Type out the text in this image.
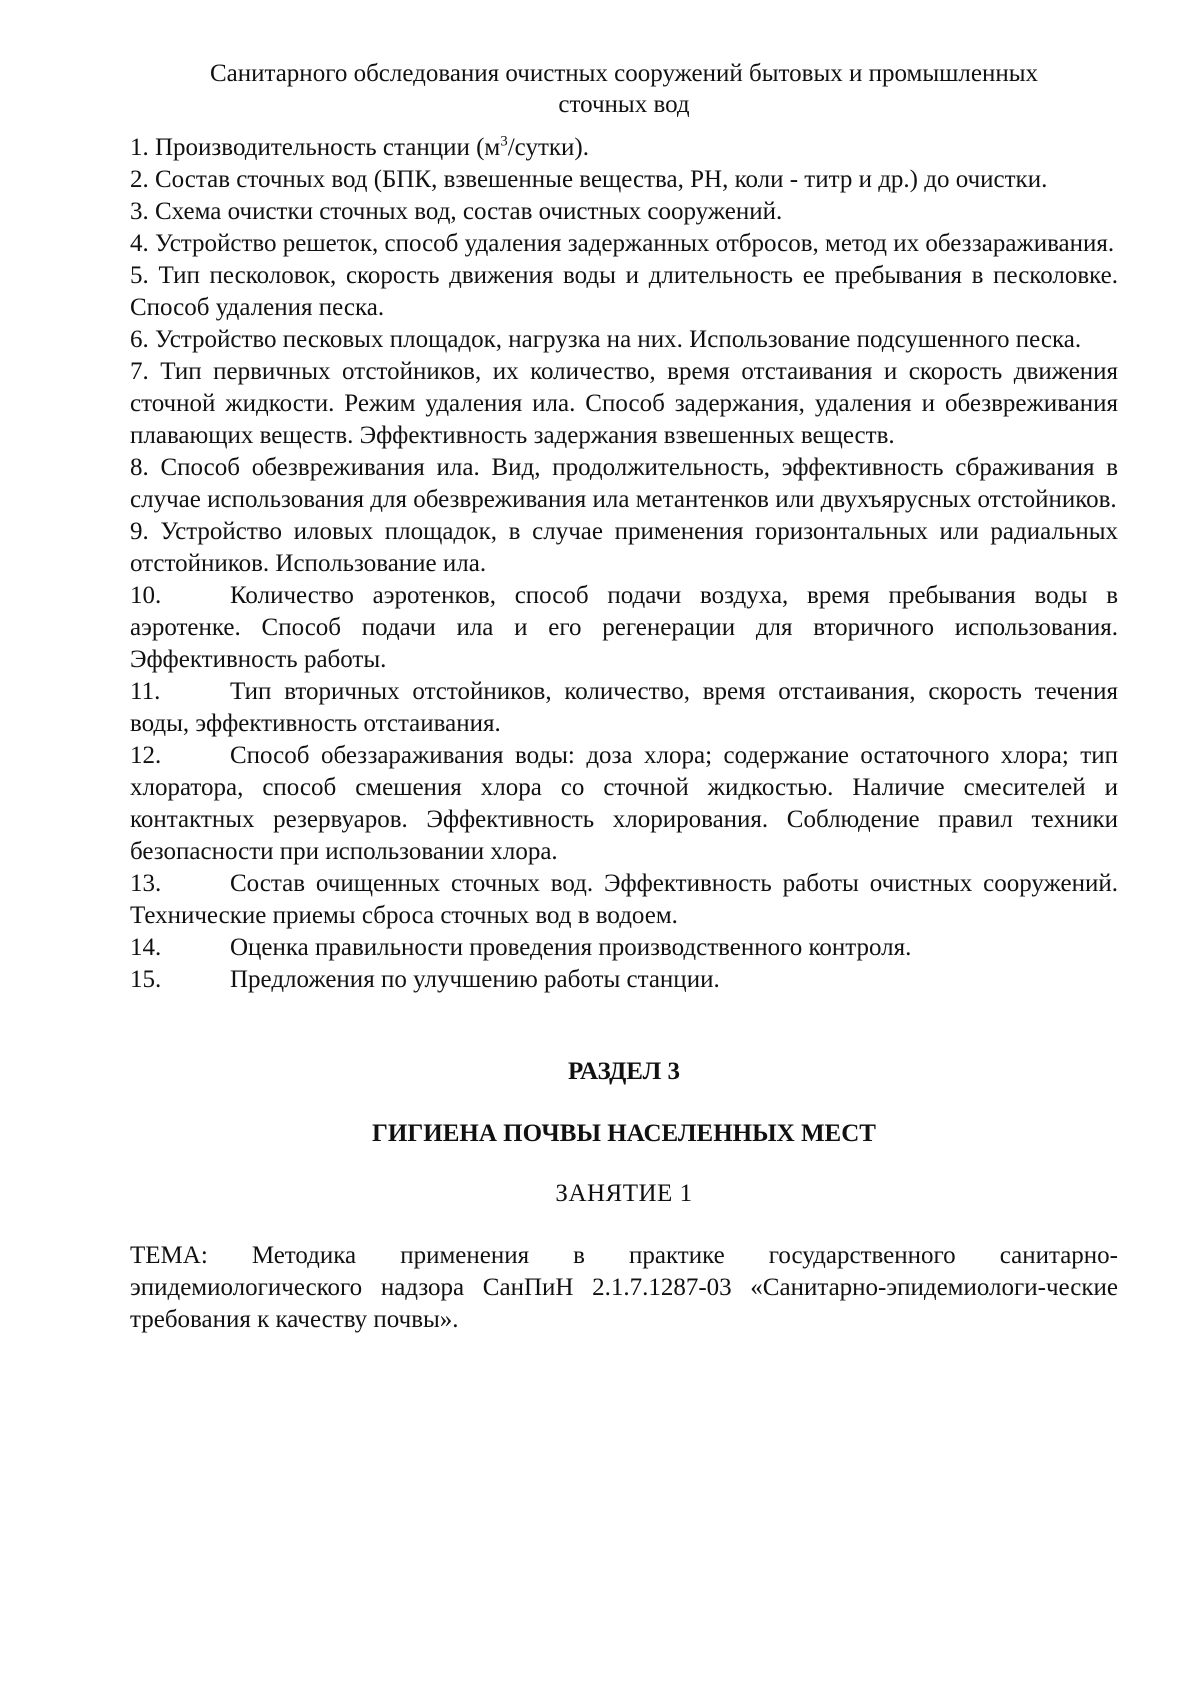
Санитарного обследования очистных сооружений бытовых и промышленных
сточных вод

1. Производительность станции $(м^3/сутки)$.

2. Состав сточных вод (БПК, взвешенные вещества, РН, коли - титр и др.) до очистки.

3. Схема очистки сточных вод, состав очистных сооружений.

4. Устройство решеток, способ удаления задержанных отбросов, метод их обеззараживания.

5. Тип песколовок, скорость движения воды и длительность ее пребывания в песколовке. Способ удаления песка.

6. Устройство песковых площадок, нагрузка на них. Использование подсушенного песка.

7. Тип первичных отстойников, их количество, время отстаивания и скорость движения сточной жидкости. Режим удаления ила. Способ задержания, удаления и обезвреживания плавающих веществ. Эффективность задержания взвешенных веществ.

8. Способ обезвреживания ила. Вид, продолжительность, эффективность сбраживания в случае использования для обезвреживания ила метантенков или двухъярусных отстойников.

9. Устройство иловых площадок, в случае применения горизонтальных или радиальных отстойников. Использование ила.

10.	Количество аэротенков, способ подачи воздуха, время пребывания воды в аэротенке. Способ подачи ила и его регенерации для вторичного использования. Эффективность работы.

11.	Тип вторичных отстойников, количество, время отстаивания, скорость течения воды, эффективность отстаивания.

12.	Способ обеззараживания воды: доза хлора; содержание остаточного хлора; тип хлоратора, способ смешения хлора со сточной жидкостью. Наличие смесителей и контактных резервуаров. Эффективность хлорирования. Соблюдение правил техники безопасности при использовании хлора.

13.	Состав очищенных сточных вод. Эффективность работы очистных сооружений. Технические приемы сброса сточных вод в водоем.

14.	Оценка правильности проведения производственного контроля.

15.	Предложения по улучшению работы станции.

РАЗДЕЛ 3

ГИГИЕНА ПОЧВЫ НАСЕЛЕННЫХ МЕСТ

ЗАНЯТИЕ 1

ТЕМА: Методика применения в практике государственного санитарно-эпидемиологического надзора СанПиН 2.1.7.1287-03 «Санитарно-эпидемиологи-ческие требования к качеству почвы».
